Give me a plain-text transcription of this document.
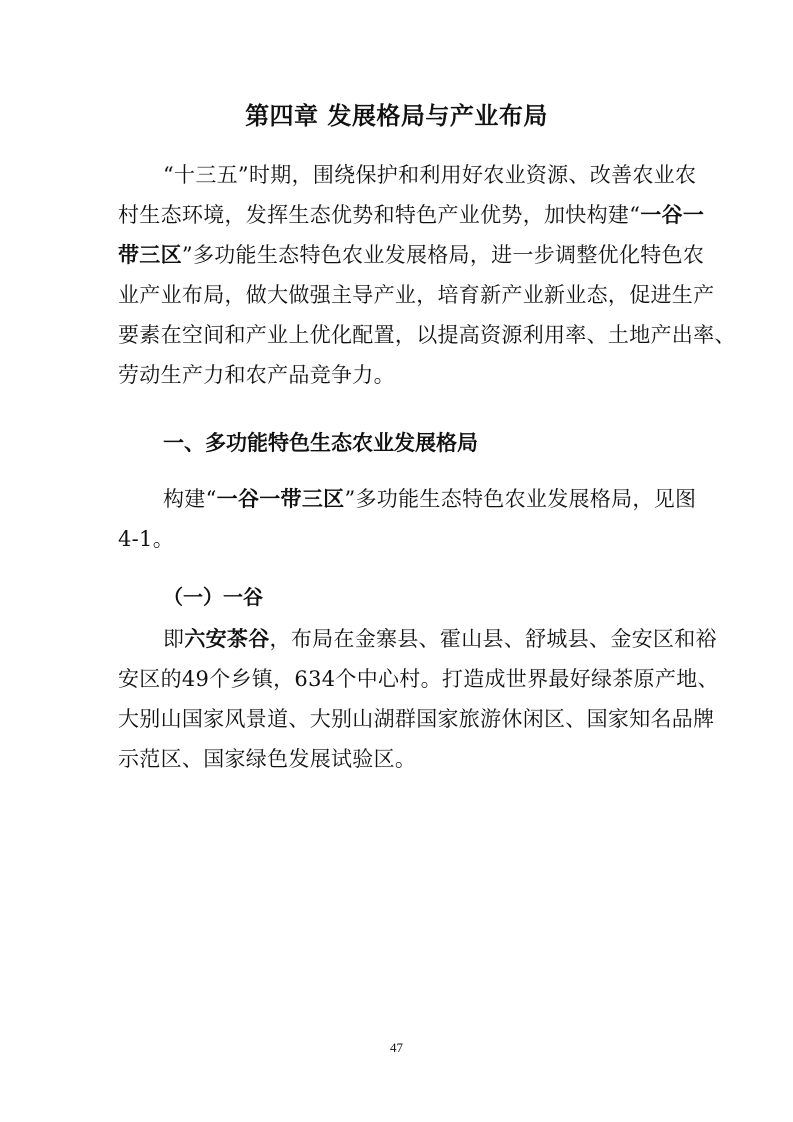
第四章 发展格局与产业布局
“十三五”时期，围绕保护和利用好农业资源、改善农业农
村生态环境，发挥生态优势和特色产业优势，加快构建“一谷一
带三区”多功能生态特色农业发展格局，进一步调整优化特色农
业产业布局，做大做强主导产业，培育新产业新业态，促进生产
要素在空间和产业上优化配置，以提高资源利用率、土地产出率、
劳动生产力和农产品竞争力。
一、多功能特色生态农业发展格局
构建“一谷一带三区”多功能生态特色农业发展格局，见图
4-1。
（一）一谷
即六安茶谷，布局在金寨县、霍山县、舒城县、金安区和裕
安区的49个乡镇，634个中心村。打造成世界最好绿茶原产地、
大别山国家风景道、大别山湖群国家旅游休闲区、国家知名品牌
示范区、国家绿色发展试验区。
47
